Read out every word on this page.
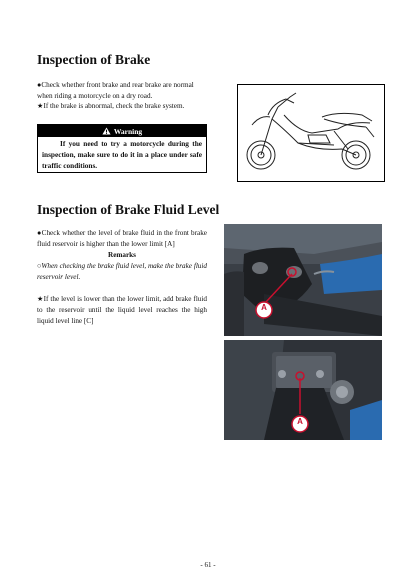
Inspection of Brake
●Check whether front brake and rear brake are normal when riding a motorcycle on a dry road.
★If the brake is abnormal, check the brake system.
Warning
If you need to try a motorcycle during the inspection, make sure to do it in a place under safe traffic conditions.
Inspection of Brake Fluid Level
●Check whether the level of brake fluid in the front brake fluid reservoir is higher than the lower limit [A]
Remarks
○When checking the brake fluid level, make the brake fluid reservoir level.
★If the level is lower than the lower limit, add brake fluid to the reservoir until the liquid level reaches the high liquid level line [C]
A
A
- 61 -
